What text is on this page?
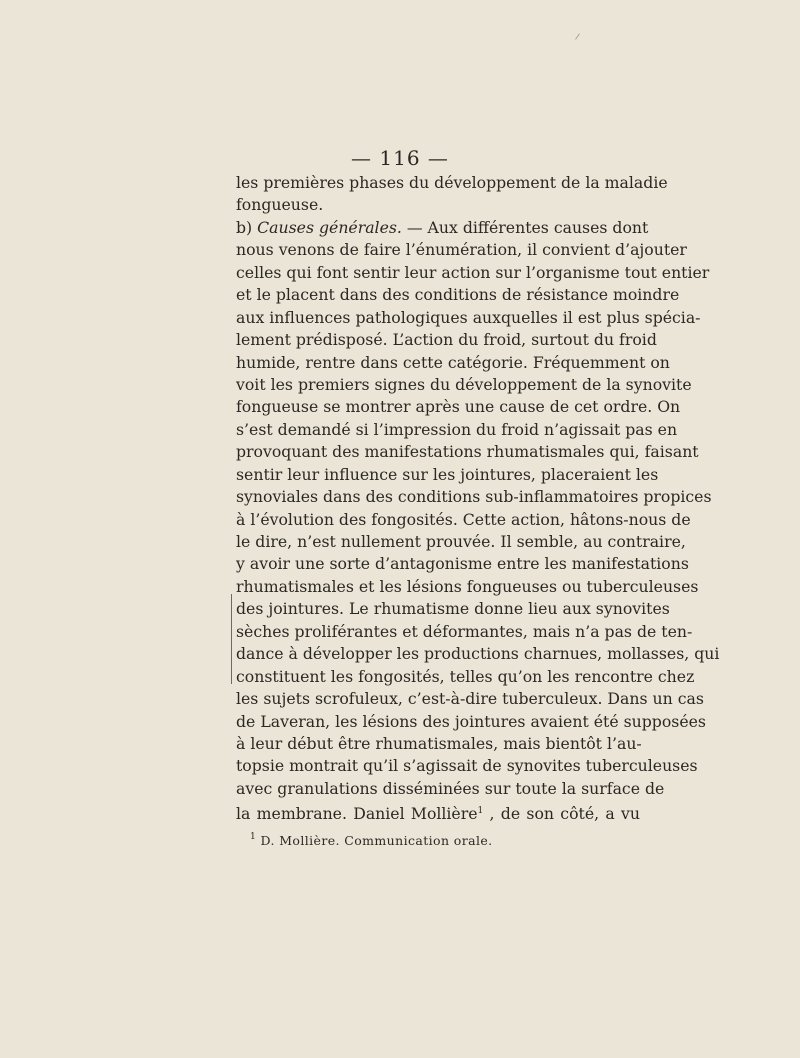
— 116 —
les premières phases du développement de la maladie
fongueuse.
b) Causes générales. — Aux différentes causes dont
nous venons de faire l’énumération, il convient d’ajouter
celles qui font sentir leur action sur l’organisme tout entier
et le placent dans des conditions de résistance moindre
aux influences pathologiques auxquelles il est plus spécia-
lement prédisposé. L’action du froid, surtout du froid
humide, rentre dans cette catégorie. Fréquemment on
voit les premiers signes du développement de la synovite
fongueuse se montrer après une cause de cet ordre. On
s’est demandé si l’impression du froid n’agissait pas en
provoquant des manifestations rhumatismales qui, faisant
sentir leur influence sur les jointures, placeraient les
synoviales dans des conditions sub-inflammatoires propices
à l’évolution des fongosités. Cette action, hâtons-nous de
le dire, n’est nullement prouvée. Il semble, au contraire,
y avoir une sorte d’antagonisme entre les manifestations
rhumatismales et les lésions fongueuses ou tuberculeuses
des jointures. Le rhumatisme donne lieu aux synovites
sèches proliférantes et déformantes, mais n’a pas de ten-
dance à développer les productions charnues, mollasses, qui
constituent les fongosités, telles qu’on les rencontre chez
les sujets scrofuleux, c’est-à-dire tuberculeux. Dans un cas
de Laveran, les lésions des jointures avaient été supposées
à leur début être rhumatismales, mais bientôt l’au-
topsie montrait qu’il s’agissait de synovites tuberculeuses
avec granulations disséminées sur toute la surface de
la membrane. Daniel Mollière$^1$ , de son côté, a vu
$^1$ D. Mollière. Communication orale.
